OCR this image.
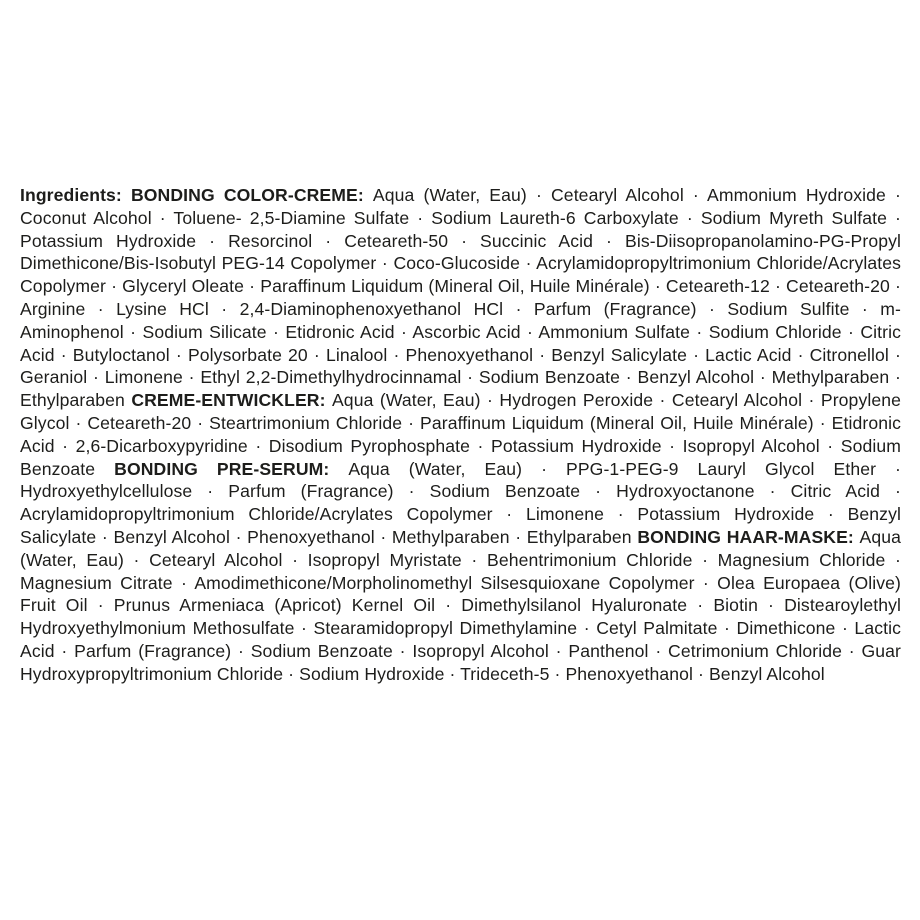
Ingredients: BONDING COLOR-CREME: Aqua (Water, Eau) · Cetearyl Alcohol · Ammonium Hydroxide · Coconut Alcohol · Toluene- 2,5-Diamine Sulfate · Sodium Laureth-6 Carboxylate · Sodium Myreth Sulfate · Potassium Hydroxide · Resorcinol · Ceteareth-50 · Succinic Acid · Bis-Diisopropanolamino-PG-Propyl Dimethicone/Bis-Isobutyl PEG-14 Copolymer · Coco-Glucoside · Acrylamidopropyltrimonium Chloride/Acrylates Copolymer · Glyceryl Oleate · Paraffinum Liquidum (Mineral Oil, Huile Minérale) · Ceteareth-12 · Ceteareth-20 · Arginine · Lysine HCl · 2,4-Diaminophenoxyethanol HCl · Parfum (Fragrance) · Sodium Sulfite · m-Aminophenol · Sodium Silicate · Etidronic Acid · Ascorbic Acid · Ammonium Sulfate · Sodium Chloride · Citric Acid · Butyloctanol · Polysorbate 20 · Linalool · Phenoxyethanol · Benzyl Salicylate · Lactic Acid · Citronellol · Geraniol · Limonene · Ethyl 2,2-Dimethylhydrocinnamal · Sodium Benzoate · Benzyl Alcohol · Methylparaben · Ethylparaben CREME-ENTWICKLER: Aqua (Water, Eau) · Hydrogen Peroxide · Cetearyl Alcohol · Propylene Glycol · Ceteareth-20 · Steartrimonium Chloride · Paraffinum Liquidum (Mineral Oil, Huile Minérale) · Etidronic Acid · 2,6-Dicarboxypyridine · Disodium Pyrophosphate · Potassium Hydroxide · Isopropyl Alcohol · Sodium Benzoate BONDING PRE-SERUM: Aqua (Water, Eau) · PPG-1-PEG-9 Lauryl Glycol Ether · Hydroxyethylcellulose · Parfum (Fragrance) · Sodium Benzoate · Hydroxyoctanone · Citric Acid · Acrylamidopropyltrimonium Chloride/Acrylates Copolymer · Limonene · Potassium Hydroxide · Benzyl Salicylate · Benzyl Alcohol · Phenoxyethanol · Methylparaben · Ethylparaben BONDING HAAR-MASKE: Aqua (Water, Eau) · Cetearyl Alcohol · Isopropyl Myristate · Behentrimonium Chloride · Magnesium Chloride · Magnesium Citrate · Amodimethicone/Morpholinomethyl Silsesquioxane Copolymer · Olea Europaea (Olive) Fruit Oil · Prunus Armeniaca (Apricot) Kernel Oil · Dimethylsilanol Hyaluronate · Biotin · Distearoylethyl Hydroxyethylmonium Methosulfate · Stearamidopropyl Dimethylamine · Cetyl Palmitate · Dimethicone · Lactic Acid · Parfum (Fragrance) · Sodium Benzoate · Isopropyl Alcohol · Panthenol · Cetrimonium Chloride · Guar Hydroxypropyltrimonium Chloride · Sodium Hydroxide · Trideceth-5 · Phenoxyethanol · Benzyl Alcohol
